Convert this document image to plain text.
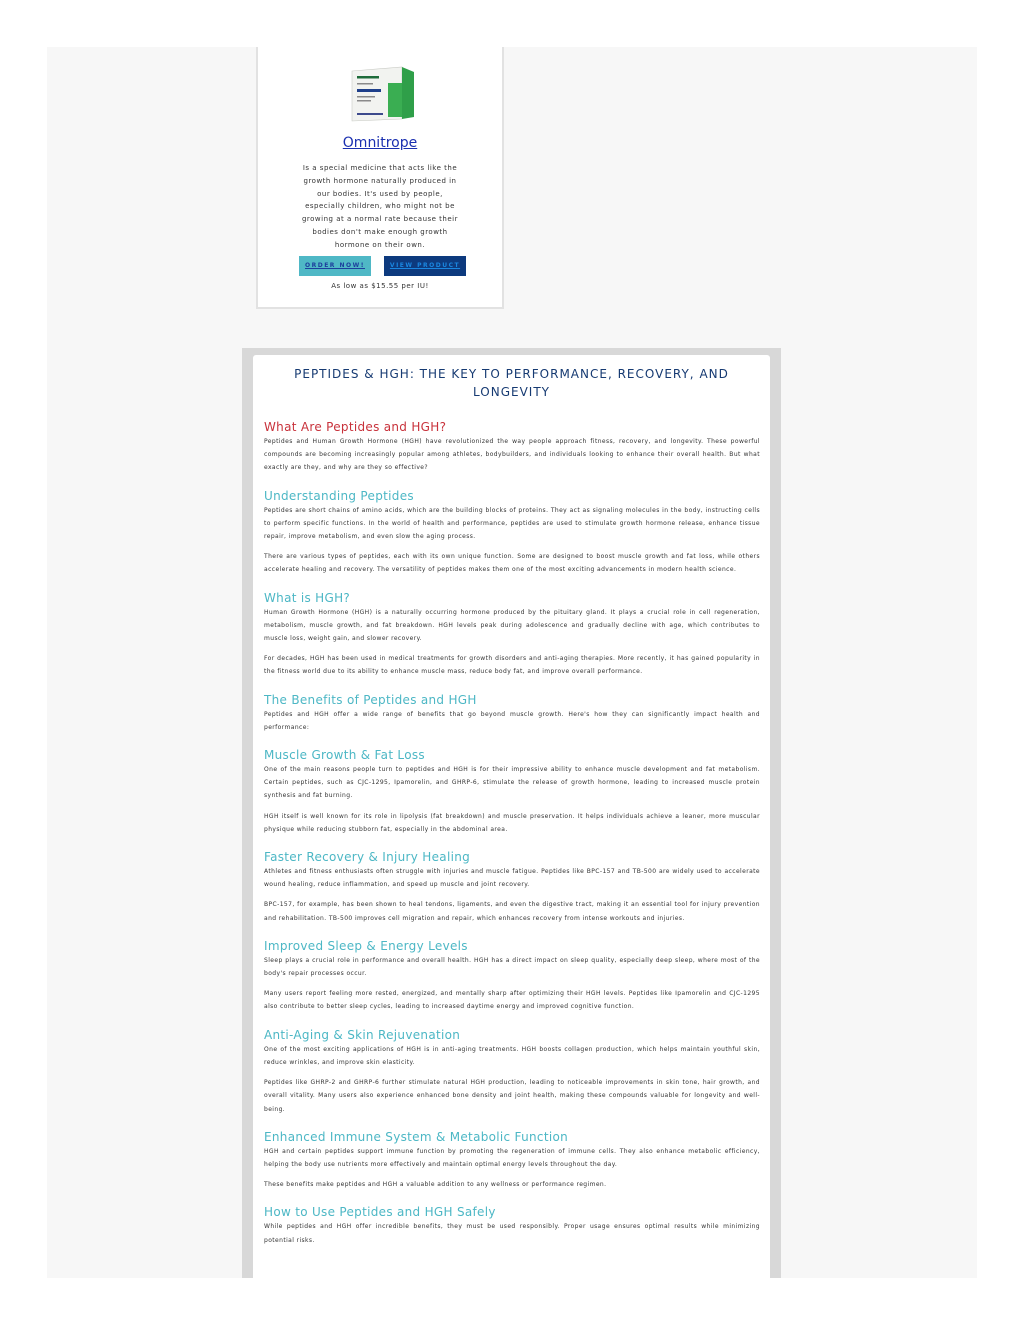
Omnitrope
Is a special medicine that acts like the growth hormone naturally produced in our bodies. It's used by people, especially children, who might not be growing at a normal rate because their bodies don't make enough growth hormone on their own.
ORDER NOW!	VIEW PRODUCT
As low as $15.55 per IU!
PEPTIDES & HGH: THE KEY TO PERFORMANCE, RECOVERY, AND LONGEVITY
What Are Peptides and HGH?

Peptides and Human Growth Hormone (HGH) have revolutionized the way people approach fitness, recovery, and longevity. These powerful compounds are becoming increasingly popular among athletes, bodybuilders, and individuals looking to enhance their overall health. But what exactly are they, and why are they so effective?

Understanding Peptides

Peptides are short chains of amino acids, which are the building blocks of proteins. They act as signaling molecules in the body, instructing cells to perform specific functions. In the world of health and performance, peptides are used to stimulate growth hormone release, enhance tissue repair, improve metabolism, and even slow the aging process.

There are various types of peptides, each with its own unique function. Some are designed to boost muscle growth and fat loss, while others accelerate healing and recovery. The versatility of peptides makes them one of the most exciting advancements in modern health science.

What is HGH?

Human Growth Hormone (HGH) is a naturally occurring hormone produced by the pituitary gland. It plays a crucial role in cell regeneration, metabolism, muscle growth, and fat breakdown. HGH levels peak during adolescence and gradually decline with age, which contributes to muscle loss, weight gain, and slower recovery.

For decades, HGH has been used in medical treatments for growth disorders and anti-aging therapies. More recently, it has gained popularity in the fitness world due to its ability to enhance muscle mass, reduce body fat, and improve overall performance.

The Benefits of Peptides and HGH

Peptides and HGH offer a wide range of benefits that go beyond muscle growth. Here's how they can significantly impact health and performance:

Muscle Growth & Fat Loss

One of the main reasons people turn to peptides and HGH is for their impressive ability to enhance muscle development and fat metabolism. Certain peptides, such as CJC-1295, Ipamorelin, and GHRP-6, stimulate the release of growth hormone, leading to increased muscle protein synthesis and fat burning.

HGH itself is well known for its role in lipolysis (fat breakdown) and muscle preservation. It helps individuals achieve a leaner, more muscular physique while reducing stubborn fat, especially in the abdominal area.

Faster Recovery & Injury Healing

Athletes and fitness enthusiasts often struggle with injuries and muscle fatigue. Peptides like BPC-157 and TB-500 are widely used to accelerate wound healing, reduce inflammation, and speed up muscle and joint recovery.

BPC-157, for example, has been shown to heal tendons, ligaments, and even the digestive tract, making it an essential tool for injury prevention and rehabilitation. TB-500 improves cell migration and repair, which enhances recovery from intense workouts and injuries.

Improved Sleep & Energy Levels

Sleep plays a crucial role in performance and overall health. HGH has a direct impact on sleep quality, especially deep sleep, where most of the body's repair processes occur.

Many users report feeling more rested, energized, and mentally sharp after optimizing their HGH levels. Peptides like Ipamorelin and CJC-1295 also contribute to better sleep cycles, leading to increased daytime energy and improved cognitive function.

Anti-Aging & Skin Rejuvenation

One of the most exciting applications of HGH is in anti-aging treatments. HGH boosts collagen production, which helps maintain youthful skin, reduce wrinkles, and improve skin elasticity.

Peptides like GHRP-2 and GHRP-6 further stimulate natural HGH production, leading to noticeable improvements in skin tone, hair growth, and overall vitality. Many users also experience enhanced bone density and joint health, making these compounds valuable for longevity and well-being.

Enhanced Immune System & Metabolic Function

HGH and certain peptides support immune function by promoting the regeneration of immune cells. They also enhance metabolic efficiency, helping the body use nutrients more effectively and maintain optimal energy levels throughout the day.

These benefits make peptides and HGH a valuable addition to any wellness or performance regimen.

How to Use Peptides and HGH Safely

While peptides and HGH offer incredible benefits, they must be used responsibly. Proper usage ensures optimal results while minimizing potential risks.
